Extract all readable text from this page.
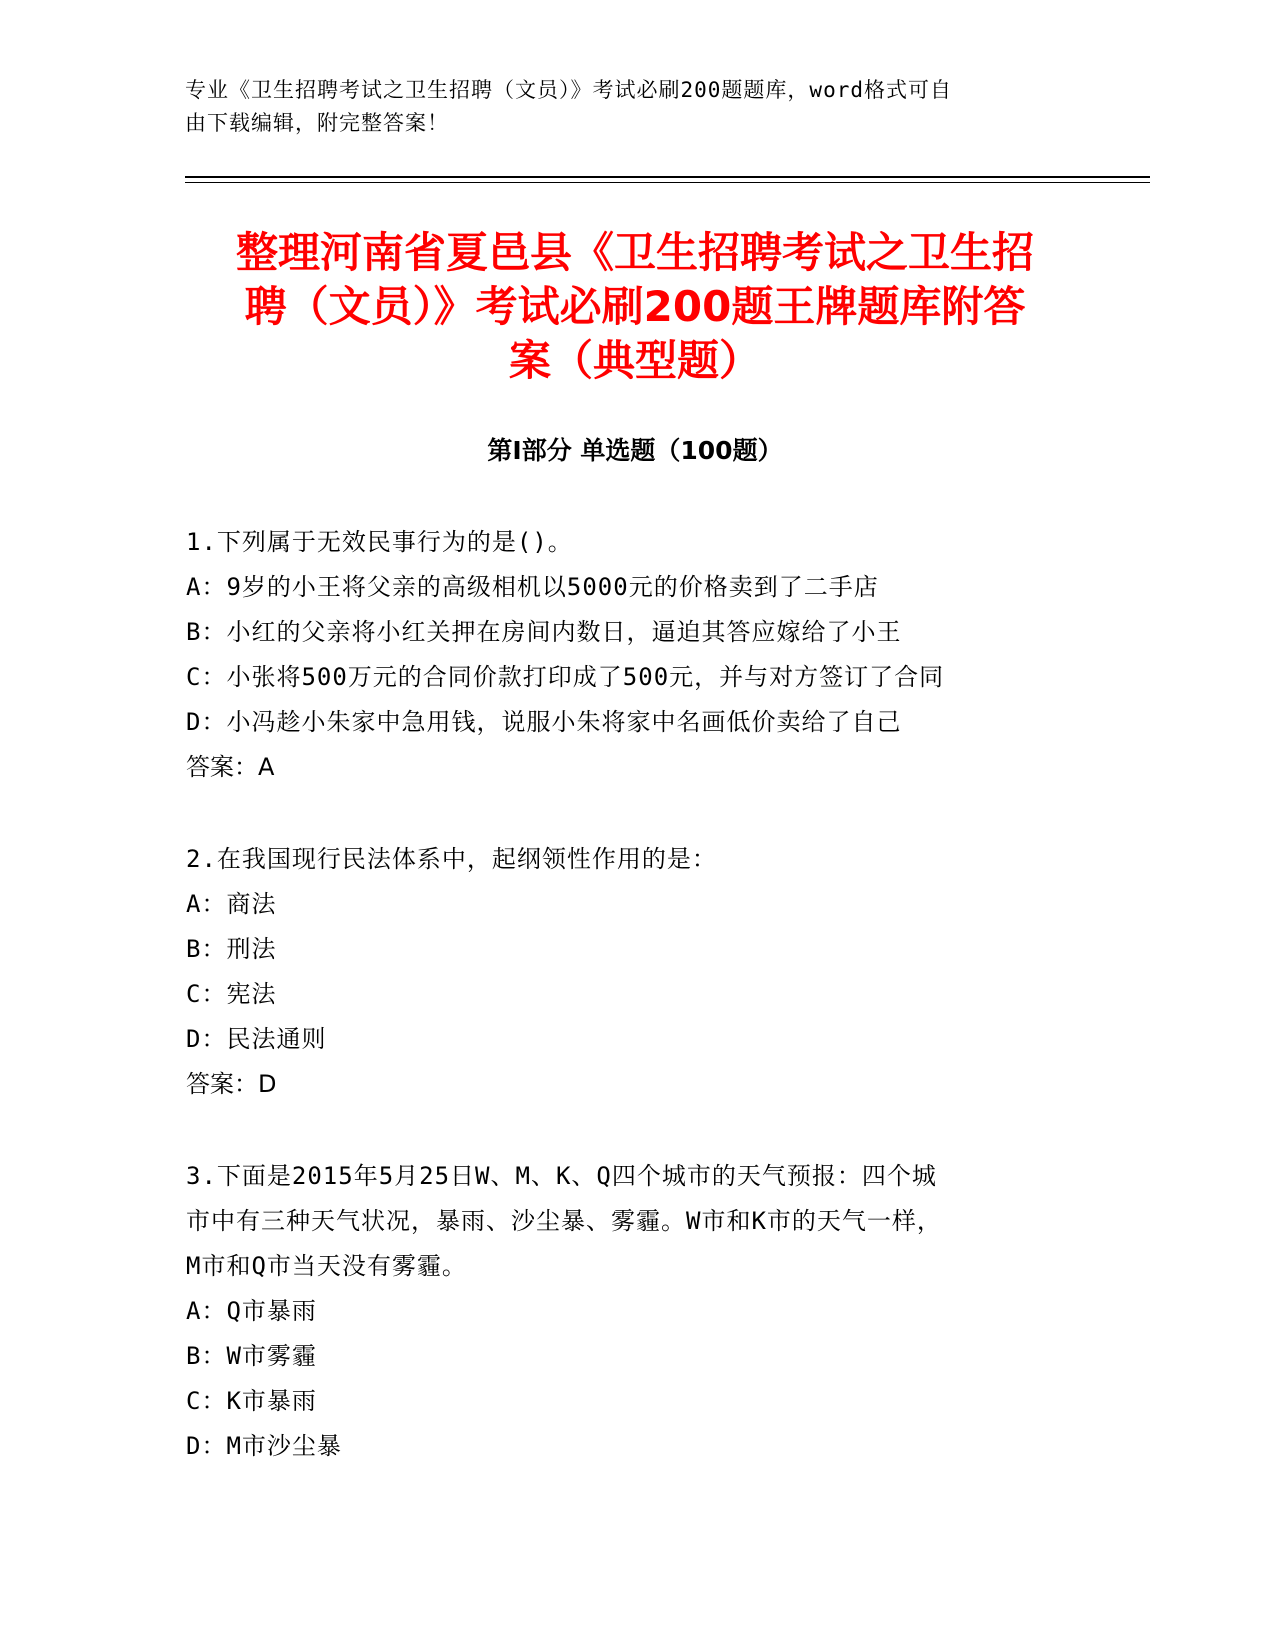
专业《卫生招聘考试之卫生招聘（文员）》考试必刷200题题库，word格式可自
由下载编辑，附完整答案！
整理河南省夏邑县《卫生招聘考试之卫生招
聘（文员）》考试必刷200题王牌题库附答
案（典型题）
第Ⅰ部分 单选题（100题）
1.下列属于无效民事行为的是()。
A：9岁的小王将父亲的高级相机以5000元的价格卖到了二手店
B：小红的父亲将小红关押在房间内数日，逼迫其答应嫁给了小王
C：小张将500万元的合同价款打印成了500元，并与对方签订了合同
D：小冯趁小朱家中急用钱，说服小朱将家中名画低价卖给了自己
答案：A
2.在我国现行民法体系中，起纲领性作用的是：
A：商法
B：刑法
C：宪法
D：民法通则
答案：D
3.下面是2015年5月25日W、M、K、Q四个城市的天气预报：四个城
市中有三种天气状况，暴雨、沙尘暴、雾霾。W市和K市的天气一样，
M市和Q市当天没有雾霾。
A：Q市暴雨
B：W市雾霾
C：K市暴雨
D：M市沙尘暴
